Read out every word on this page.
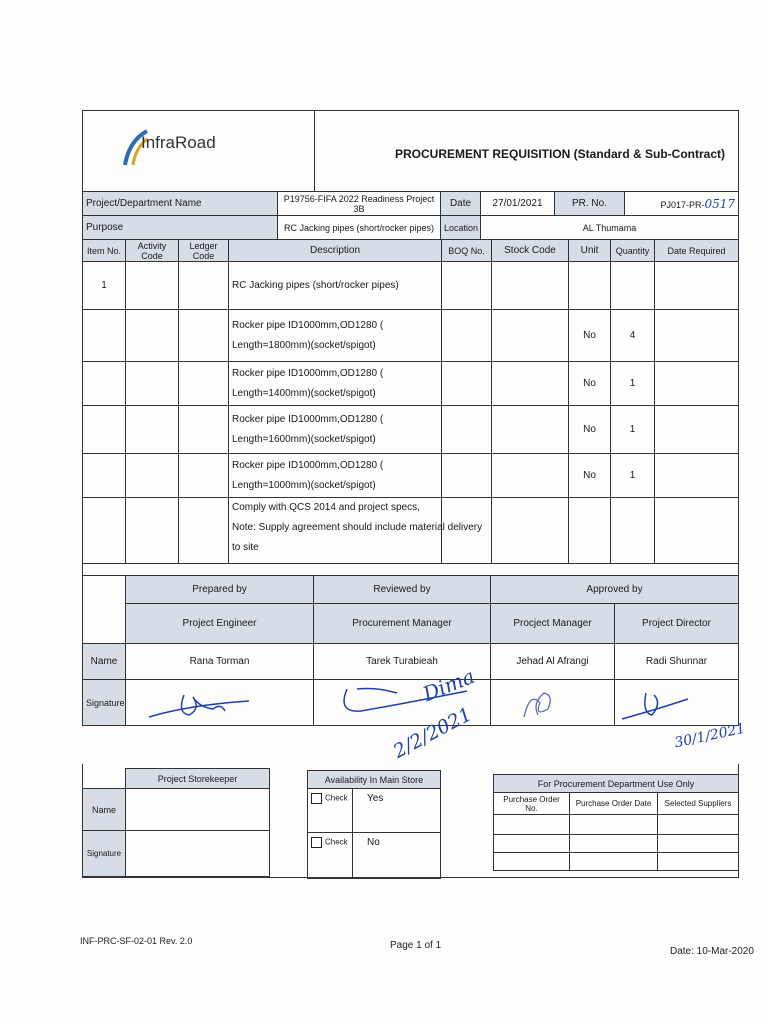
InfraRoad

PROCUREMENT REQUISITION (Standard & Sub-Contract)
Project/Department Name	P19756-FIFA 2022 Readiness Project 3B	Date	27/01/2021	PR. No.	PJ017-PR-0517
Purpose	RC Jacking pipes (short/rocker pipes)	Location	AL Thumama		
Item No.	Activity Code	Ledger Code	Description	BOQ No.	Stock Code	Unit	Quantity	Date Required
1			RC Jacking pipes (short/rocker pipes)					

			Rocker pipe ID1000mm,OD1280 (
Length=1800mm)(socket/spigot)			No	4	

			Rocker pipe ID1000mm,OD1280 (
Length=1400mm)(socket/spigot)			No	1	

			Rocker pipe ID1000mm,OD1280 (
Length=1600mm)(socket/spigot)			No	1	

			Rocker pipe ID1000mm,OD1280 (
Length=1000mm)(socket/spigot)			No	1	

			Comply with QCS 2014 and project specs,
Note: Supply agreement should include material delivery
to site					

	Prepared by	Reviewed by	Approved by	
	Project Engineer	Procurement Manager	Procject Manager	Project Director
Name	Rana Torman	Tarek Turabieah	Jehad Al Afrangi	Radi Shunnar
Signature	

		Dima
2/2/2021	30/1/2021
	Project Storekeeper
Name	
Signature	
Availability In Main Store	
Check	Yes
Check	No
For Procurement Department Use Only		
Purchase Order No.	Purchase Order Date	Selected Suppliers

INF-PRC-SF-02-01 Rev. 2.0	Page 1 of 1
Date: 10-Mar-2020
